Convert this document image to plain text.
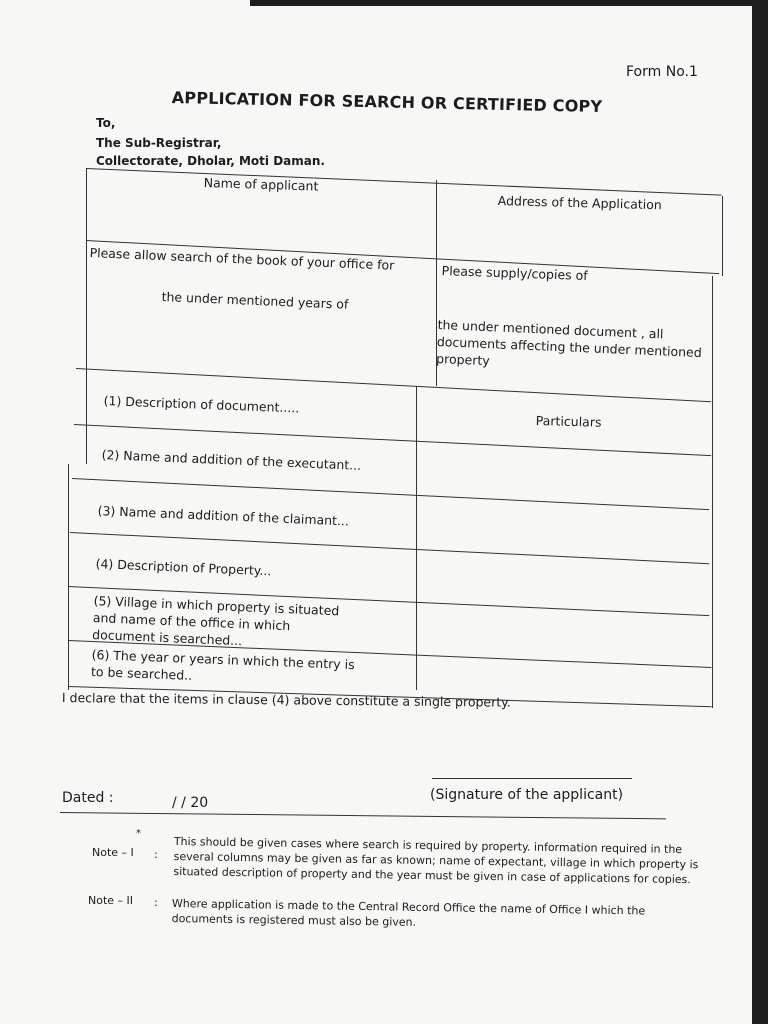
Form No.1
APPLICATION FOR SEARCH OR CERTIFIED COPY
To,
The Sub-Registrar,
Collectorate, Dholar, Moti Daman.
Name of applicant
Address of the Application
Please allow search of the book of your office for
the under mentioned years of
Please supply/copies of
the under mentioned document , all documents affecting the under mentioned property
Particulars
(1) Description of document.....
(2) Name and addition of the executant...
(3) Name and addition of the claimant...
(4) Description of Property...
(5) Village in which property is situated and name of the office in which document is searched...
(6) The year or years in which the entry is to be searched..
I declare that the items in clause (4) above constitute a single property.
Dated :	/ / 20	(Signature of the applicant)
*
Note – I : This should be given cases where search is required by property. information required in the several columns may be given as far as known; name of expectant, village in which property is situated description of property and the year must be given in case of applications for copies.
Note – II : Where application is made to the Central Record Office the name of Office I which the documents is registered must also be given.
